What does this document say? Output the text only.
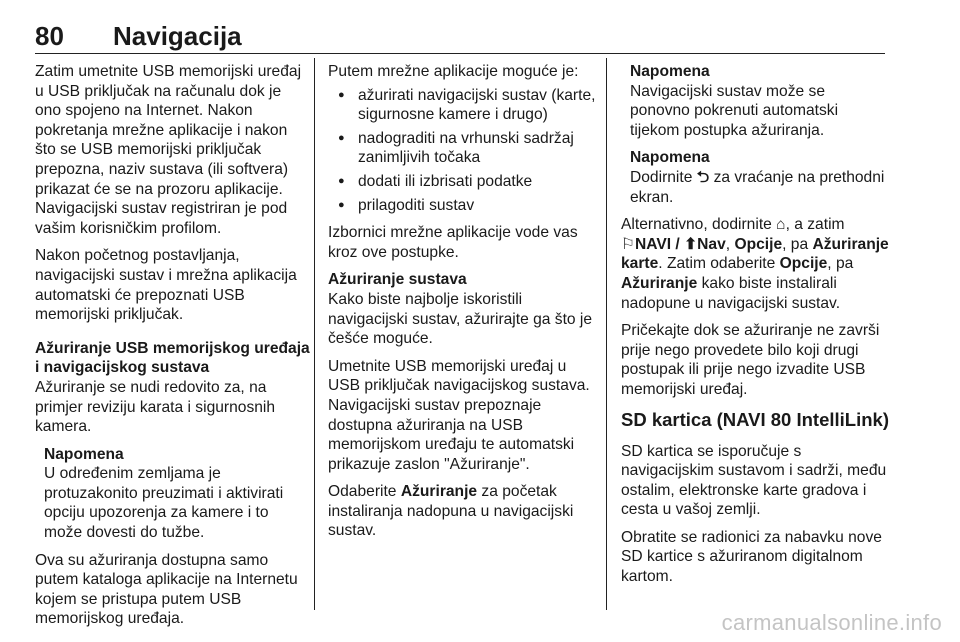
80 Navigacija

Zatim umetnite USB memorijski uređaj u USB priključak na računalu dok je ono spojeno na Internet. Nakon pokretanja mrežne aplikacije i nakon što se USB memorijski priključak prepozna, naziv sustava (ili softvera) prikazat će se na prozoru aplikacije. Navigacijski sustav registriran je pod vašim korisničkim profilom.

Nakon početnog postavljanja, navigacijski sustav i mrežna aplikacija automatski će prepoznati USB memorijski priključak.

Ažuriranje USB memorijskog uređaja i navigacijskog sustava

Ažuriranje se nudi redovito za, na primjer reviziju karata i sigurnosnih kamera.

Napomena
U određenim zemljama je protuzakonito preuzimati i aktivirati opciju upozorenja za kamere i to može dovesti do tužbe.

Ova su ažuriranja dostupna samo putem kataloga aplikacije na Internetu kojem se pristupa putem USB memorijskog uređaja.

Putem mrežne aplikacije moguće je:

● ažurirati navigacijski sustav (karte, sigurnosne kamere i drugo)
● nadograditi na vrhunski sadržaj zanimljivih točaka
● dodati ili izbrisati podatke
● prilagoditi sustav

Izbornici mrežne aplikacije vode vas kroz ove postupke.

Ažuriranje sustava

Kako biste najbolje iskoristili navigacijski sustav, ažurirajte ga što je češće moguće.

Umetnite USB memorijski uređaj u USB priključak navigacijskog sustava. Navigacijski sustav prepoznaje dostupna ažuriranja na USB memorijskom uređaju te automatski prikazuje zaslon "Ažuriranje".

Odaberite Ažuriranje za početak instaliranja nadopuna u navigacijski sustav.

Napomena
Navigacijski sustav može se ponovno pokrenuti automatski tijekom postupka ažuriranja.
Napomena
Dodirnite ⮌ za vraćanje na prethodni ekran.

Alternativno, dodirnite ⌂, a zatim ⚐NAVI / ⬆Nav, Opcije, pa Ažuriranje karte. Zatim odaberite Opcije, pa Ažuriranje kako biste instalirali nadopune u navigacijski sustav.

Pričekajte dok se ažuriranje ne završi prije nego provedete bilo koji drugi postupak ili prije nego izvadite USB memorijski uređaj.

SD kartica (NAVI 80 IntelliLink)

SD kartica se isporučuje s navigacijskim sustavom i sadrži, među ostalim, elektronske karte gradova i cesta u vašoj zemlji.

Obratite se radionici za nabavku nove SD kartice s ažuriranom digitalnom kartom.

carmanualsonline.info
